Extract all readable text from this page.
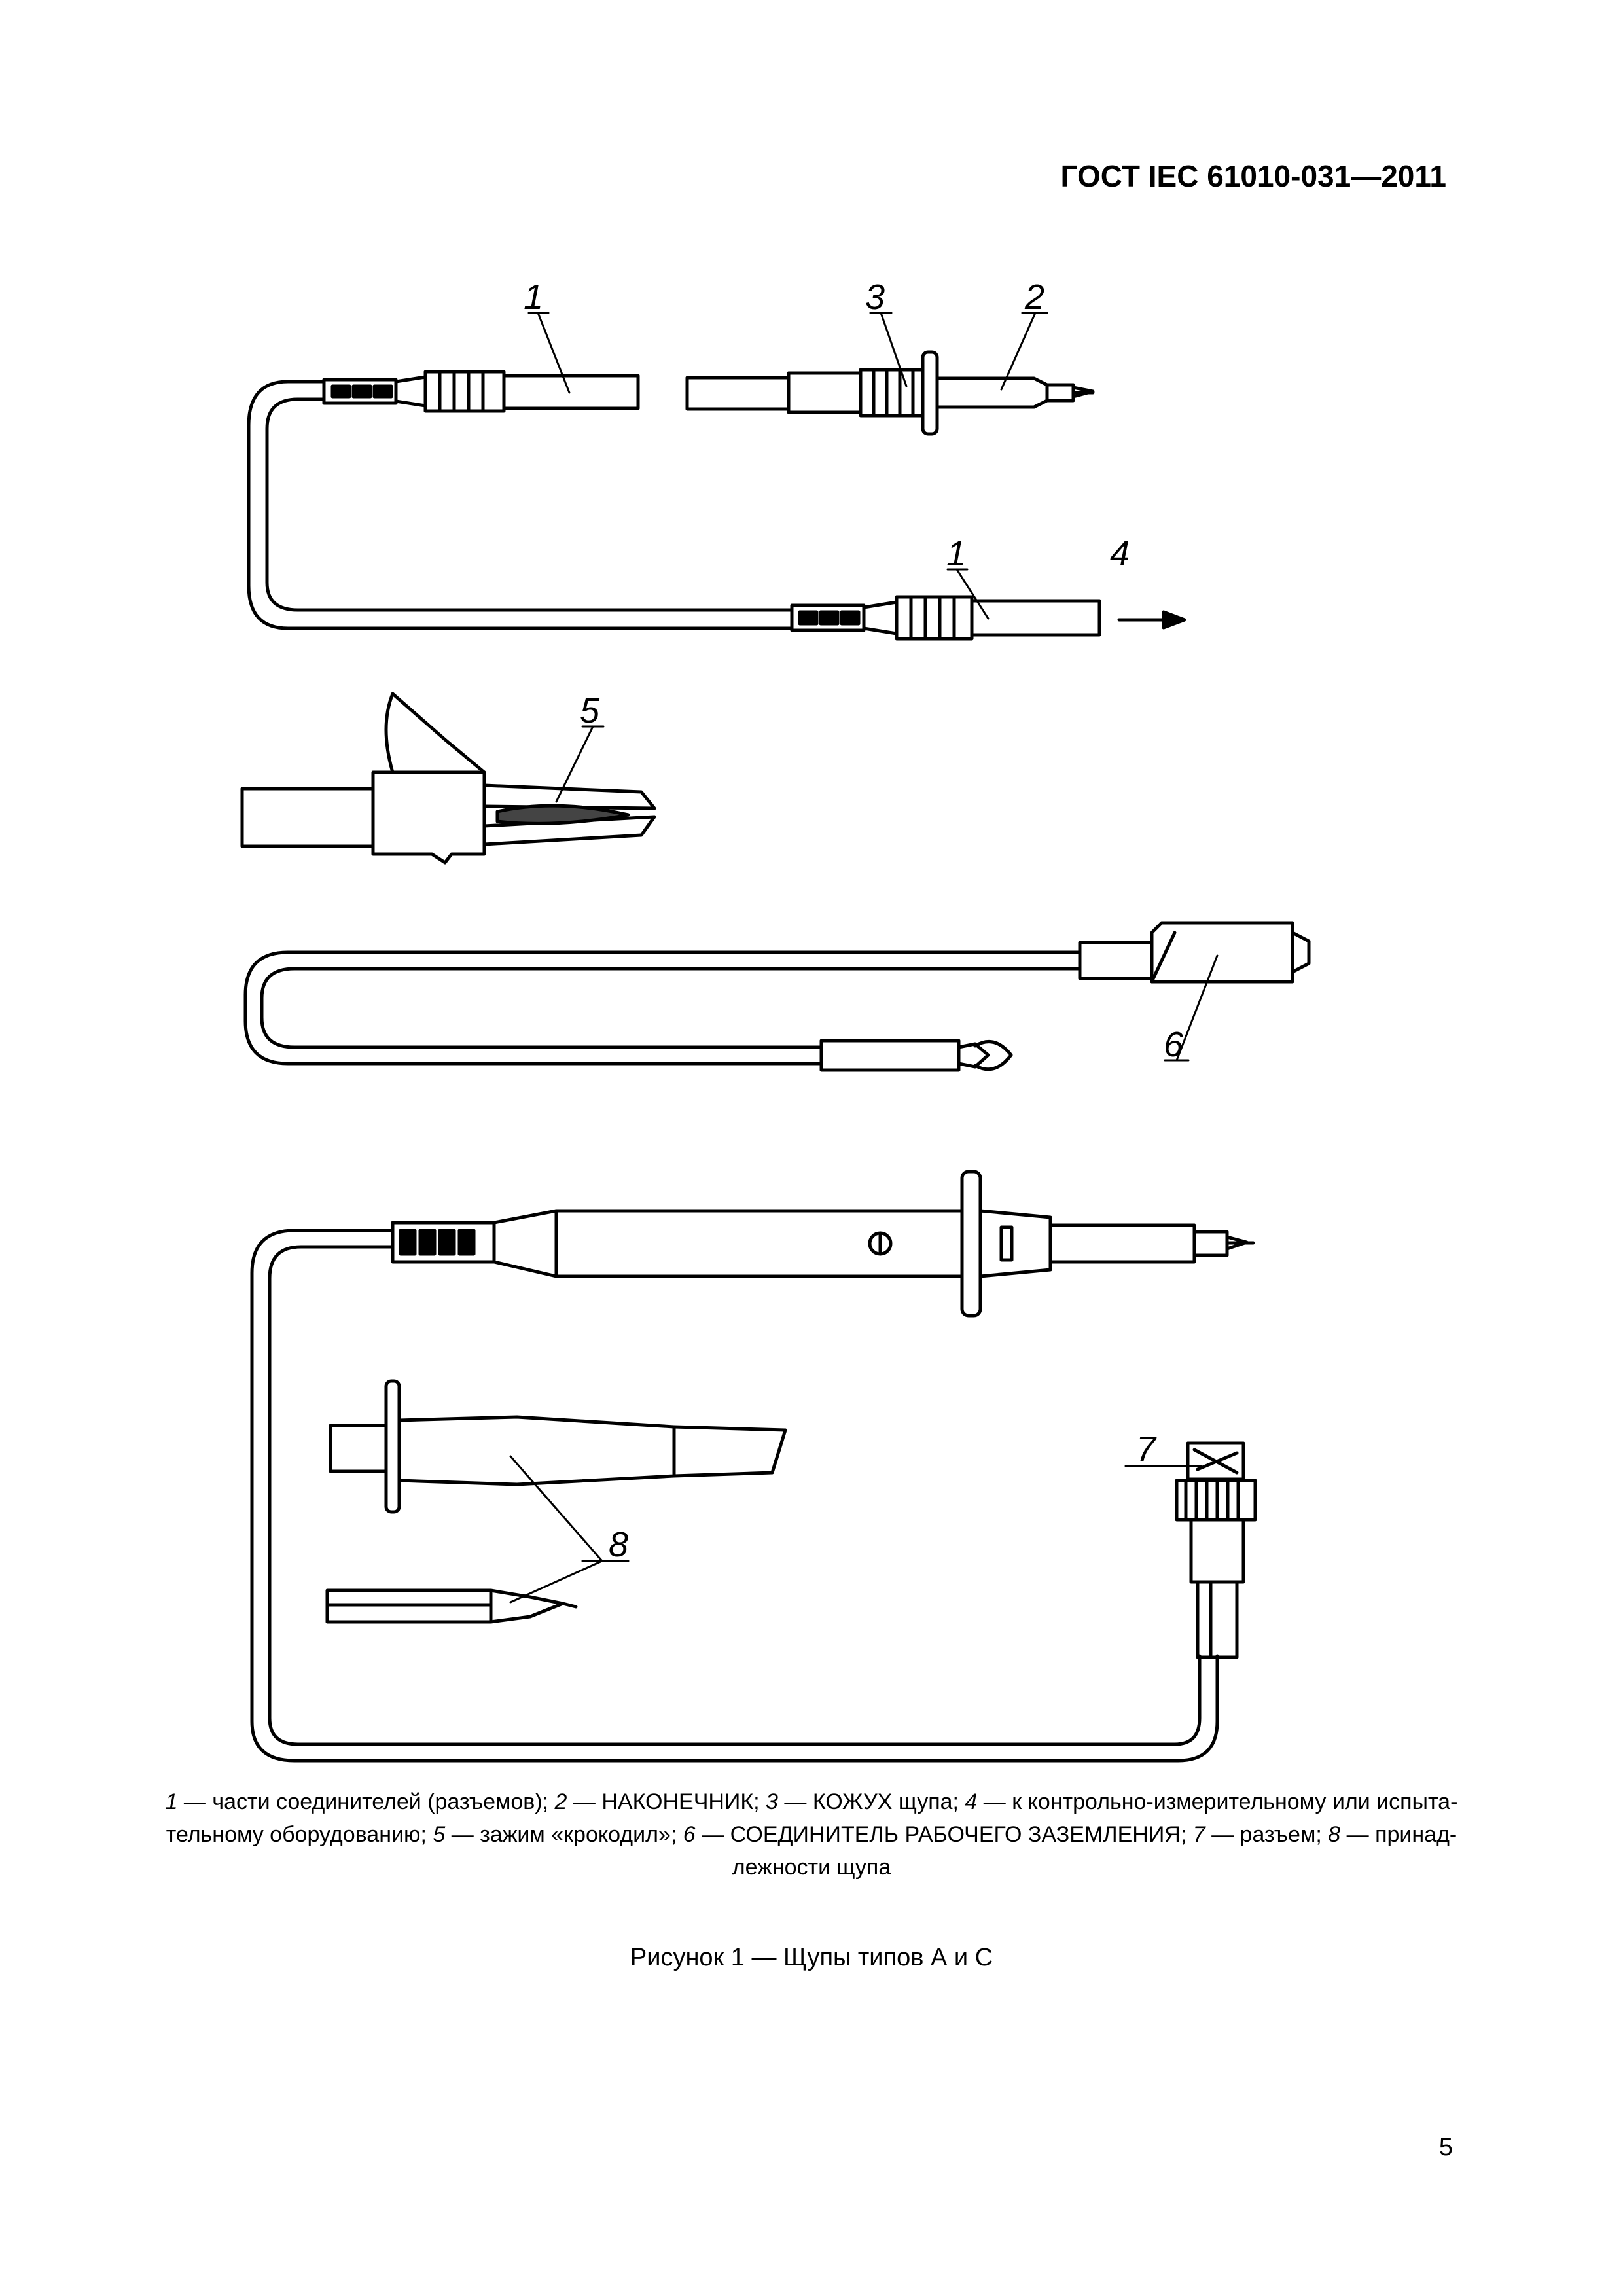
ГОСТ IEC 61010-031—2011
1	3	2
1	4
5
6
7
8
1 — части соединителей (разъемов); 2 — НАКОНЕЧНИК; 3 — КОЖУХ щупа; 4 — к контрольно-измерительному или испыта-
тельному оборудованию; 5 — зажим «крокодил»; 6 — СОЕДИНИТЕЛЬ РАБОЧЕГО ЗАЗЕМЛЕНИЯ; 7 — разъем; 8 — принад-
лежности щупа
Рисунок 1 — Щупы типов А и С
5
